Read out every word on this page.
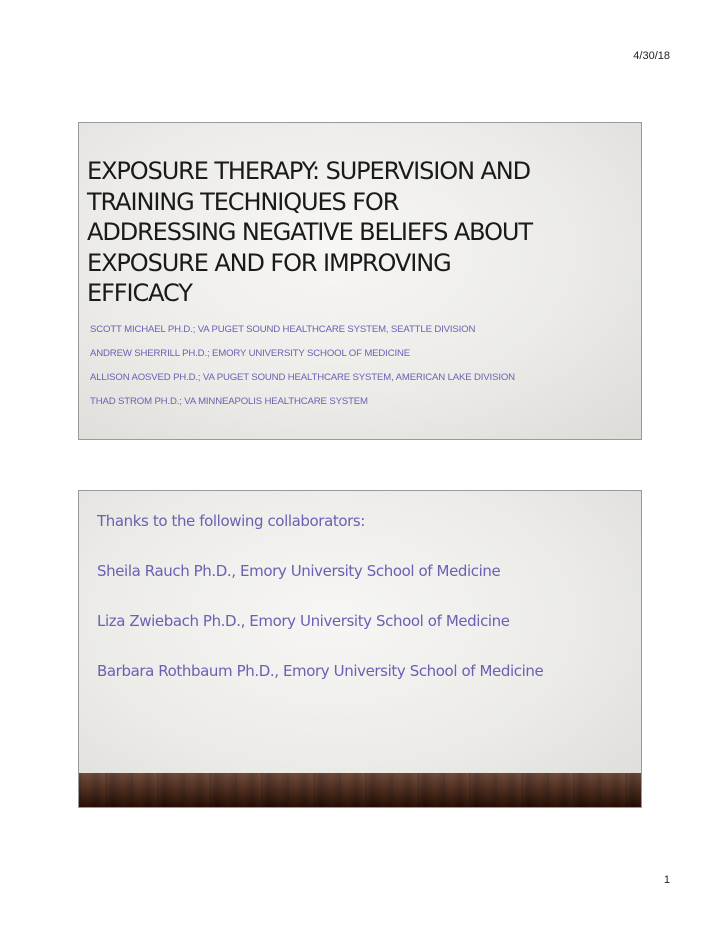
4/30/18
EXPOSURE THERAPY: SUPERVISION AND
TRAINING TECHNIQUES FOR
ADDRESSING NEGATIVE BELIEFS ABOUT
EXPOSURE AND FOR IMPROVING
EFFICACY
SCOTT MICHAEL PH.D.; VA PUGET SOUND HEALTHCARE SYSTEM, SEATTLE DIVISION
ANDREW SHERRILL PH.D.; EMORY UNIVERSITY SCHOOL OF MEDICINE
ALLISON AOSVED PH.D.; VA PUGET SOUND HEALTHCARE SYSTEM, AMERICAN LAKE DIVISION
THAD STROM PH.D.; VA MINNEAPOLIS HEALTHCARE SYSTEM
Thanks to the following collaborators:
Sheila Rauch Ph.D., Emory University School of Medicine
Liza Zwiebach Ph.D., Emory University School of Medicine
Barbara Rothbaum Ph.D., Emory University School of Medicine
1
